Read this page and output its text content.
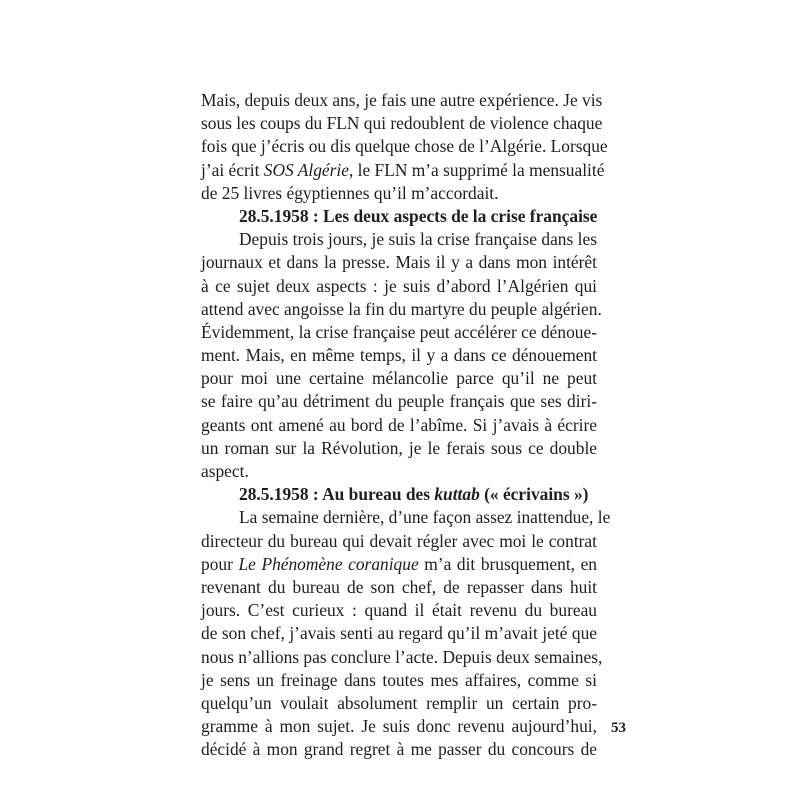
Mais, depuis deux ans, je fais une autre expérience. Je vis
sous les coups du FLN qui redoublent de violence chaque
fois que j’écris ou dis quelque chose de l’Algérie. Lorsque
j’ai écrit SOS Algérie, le FLN m’a supprimé la mensualité
de 25 livres égyptiennes qu’il m’accordait.
28.5.1958 : Les deux aspects de la crise française
Depuis trois jours, je suis la crise française dans les
journaux et dans la presse. Mais il y a dans mon intérêt
à ce sujet deux aspects : je suis d’abord l’Algérien qui
attend avec angoisse la fin du martyre du peuple algérien.
Évidemment, la crise française peut accélérer ce dénoue-
ment. Mais, en même temps, il y a dans ce dénouement
pour moi une certaine mélancolie parce qu’il ne peut
se faire qu’au détriment du peuple français que ses diri-
geants ont amené au bord de l’abîme. Si j’avais à écrire
un roman sur la Révolution, je le ferais sous ce double
aspect.
28.5.1958 : Au bureau des kuttab (« écrivains »)
La semaine dernière, d’une façon assez inattendue, le
directeur du bureau qui devait régler avec moi le contrat
pour Le Phénomène coranique m’a dit brusquement, en
revenant du bureau de son chef, de repasser dans huit
jours. C’est curieux : quand il était revenu du bureau
de son chef, j’avais senti au regard qu’il m’avait jeté que
nous n’allions pas conclure l’acte. Depuis deux semaines,
je sens un freinage dans toutes mes affaires, comme si
quelqu’un voulait absolument remplir un certain pro-
gramme à mon sujet. Je suis donc revenu aujourd’hui,
décidé à mon grand regret à me passer du concours de
53
